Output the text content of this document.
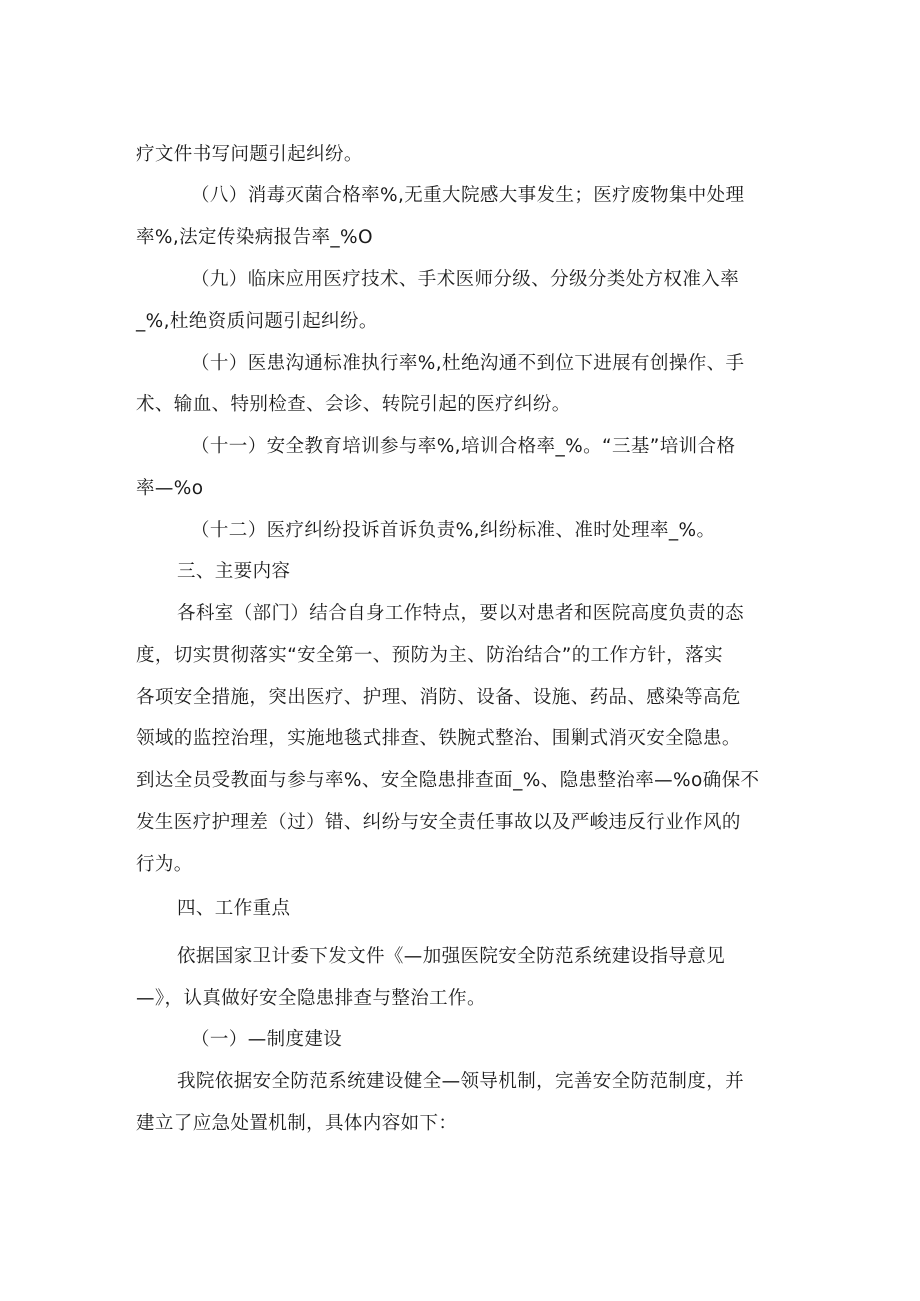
疗文件书写问题引起纠纷。
（八）消毒灭菌合格率%,无重大院感大事发生；医疗废物集中处理
率%,法定传染病报告率_%O
（九）临床应用医疗技术、手术医师分级、分级分类处方权准入率
_%,杜绝资质问题引起纠纷。
（十）医患沟通标准执行率%,杜绝沟通不到位下进展有创操作、手
术、输血、特别检查、会诊、转院引起的医疗纠纷。
（十一）安全教育培训参与率%,培训合格率_%。“三基”培训合格
率—%o
（十二）医疗纠纷投诉首诉负责%,纠纷标准、准时处理率_%。
三、主要内容
各科室（部门）结合自身工作特点，要以对患者和医院高度负责的态
度，切实贯彻落实“安全第一、预防为主、防治结合”的工作方针，落实
各项安全措施，突出医疗、护理、消防、设备、设施、药品、感染等高危
领域的监控治理，实施地毯式排查、铁腕式整治、围剿式消灭安全隐患。
到达全员受教面与参与率%、安全隐患排查面_%、隐患整治率—%o确保不
发生医疗护理差（过）错、纠纷与安全责任事故以及严峻违反行业作风的
行为。
四、工作重点
依据国家卫计委下发文件《—加强医院安全防范系统建设指导意见
—》，认真做好安全隐患排查与整治工作。
（一）—制度建设
我院依据安全防范系统建设健全—领导机制，完善安全防范制度，并
建立了应急处置机制，具体内容如下：
